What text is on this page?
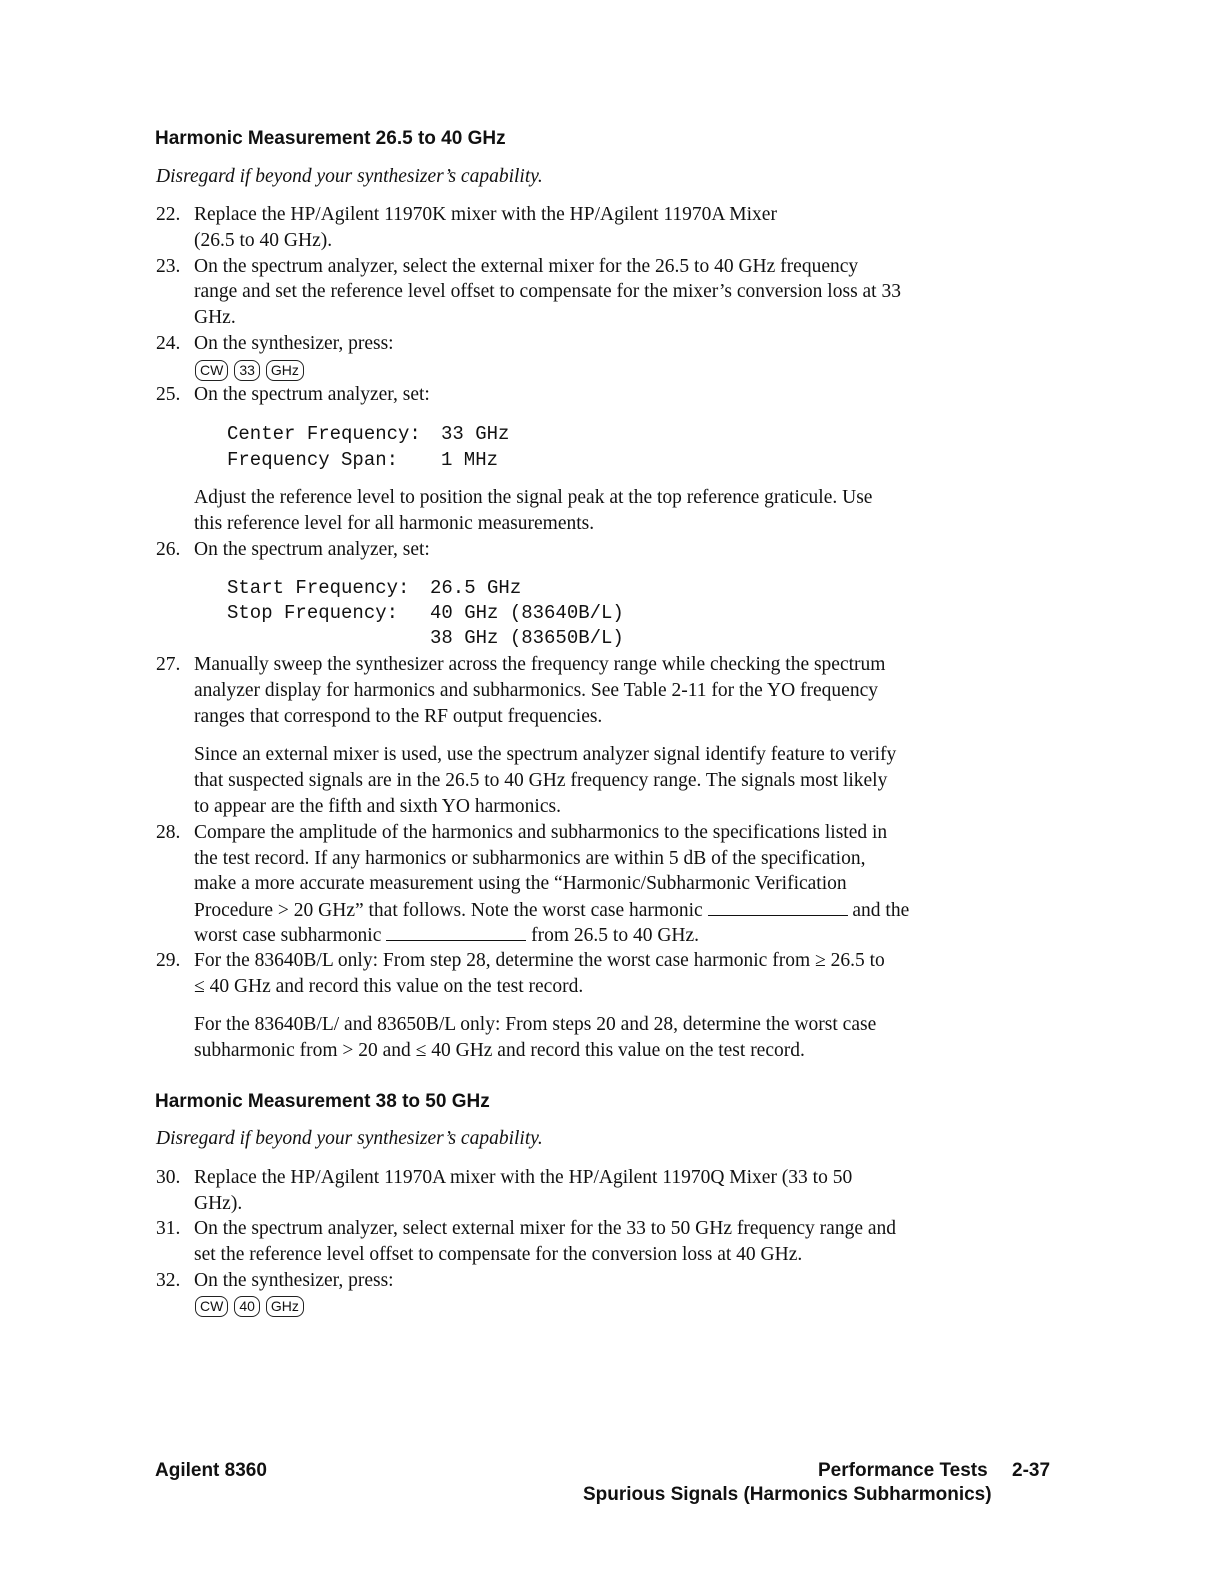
Harmonic Measurement 26.5 to 40 GHz
Disregard if beyond your synthesizer’s capability.
22. Replace the HP/Agilent 11970K mixer with the HP/Agilent 11970A Mixer
(26.5 to 40 GHz).
23. On the spectrum analyzer, select the external mixer for the 26.5 to 40 GHz frequency
range and set the reference level offset to compensate for the mixer’s conversion loss at 33
GHz.
24. On the synthesizer, press:
CW 33 GHz
25. On the spectrum analyzer, set:
Center Frequency: 33 GHz
Frequency Span: 1 MHz
Adjust the reference level to position the signal peak at the top reference graticule. Use
this reference level for all harmonic measurements.
26. On the spectrum analyzer, set:
Start Frequency: 26.5 GHz
Stop Frequency: 40 GHz (83640B/L)
38 GHz (83650B/L)
27. Manually sweep the synthesizer across the frequency range while checking the spectrum
analyzer display for harmonics and subharmonics. See Table 2-11 for the YO frequency
ranges that correspond to the RF output frequencies.
Since an external mixer is used, use the spectrum analyzer signal identify feature to verify
that suspected signals are in the 26.5 to 40 GHz frequency range. The signals most likely
to appear are the fifth and sixth YO harmonics.
28. Compare the amplitude of the harmonics and subharmonics to the specifications listed in
the test record. If any harmonics or subharmonics are within 5 dB of the specification,
make a more accurate measurement using the “Harmonic/Subharmonic Verification
Procedure > 20 GHz” that follows. Note the worst case harmonic	and the
worst case subharmonic	from 26.5 to 40 GHz.
29. For the 83640B/L only: From step 28, determine the worst case harmonic from ≥ 26.5 to
≤ 40 GHz and record this value on the test record.
For the 83640B/L/ and 83650B/L only: From steps 20 and 28, determine the worst case
subharmonic from > 20 and ≤ 40 GHz and record this value on the test record.
Harmonic Measurement 38 to 50 GHz
Disregard if beyond your synthesizer’s capability.
30. Replace the HP/Agilent 11970A mixer with the HP/Agilent 11970Q Mixer (33 to 50
GHz).
31. On the spectrum analyzer, select external mixer for the 33 to 50 GHz frequency range and
set the reference level offset to compensate for the conversion loss at 40 GHz.
32. On the synthesizer, press:
CW 40 GHz
Agilent 8360	Performance Tests 2-37
Spurious Signals (Harmonics Subharmonics)
